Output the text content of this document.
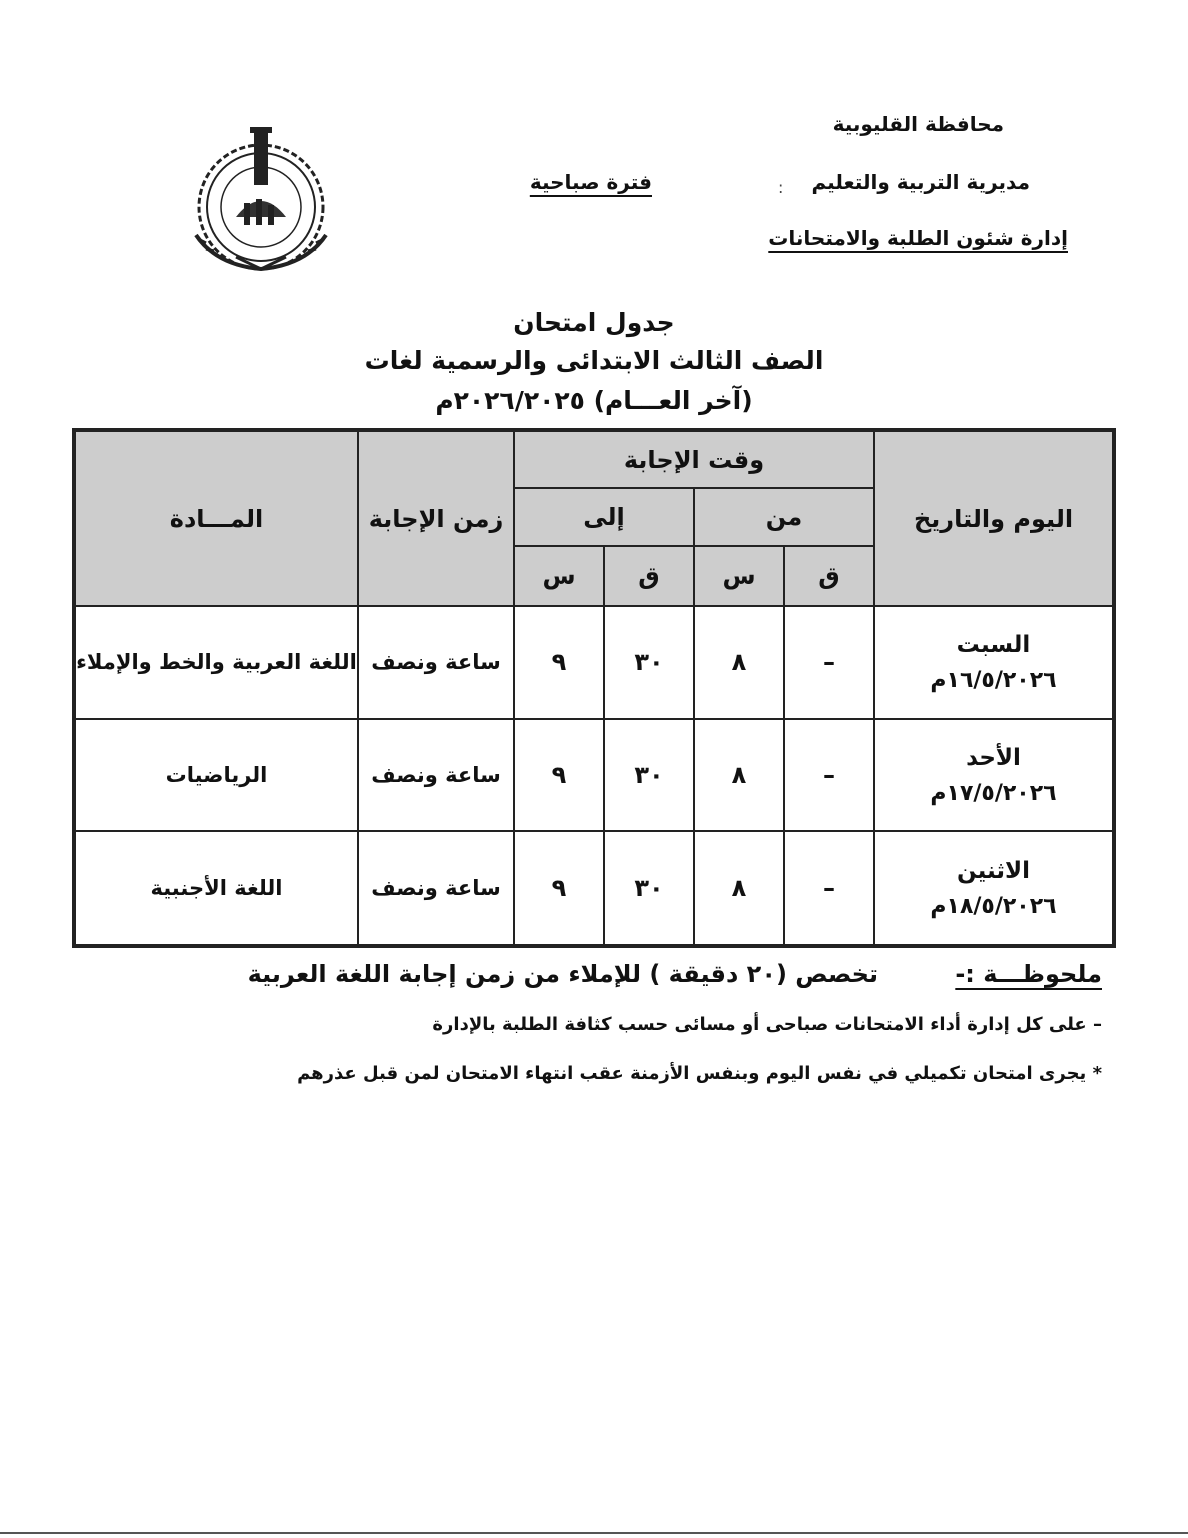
محافظة القليوبية
مديرية التربية والتعليم
:
إدارة شئون الطلبة والامتحانات
فترة صباحية
جدول امتحان
الصف الثالث الابتدائى والرسمية لغات
(آخر العـــام) ٢٠٢٦/٢٠٢٥م
اليوم والتاريخ	وقت الإجابة				زمن الإجابة	المـــادة
	من		إلى			
	ق	س	ق	س		

السبت
١٦/٥/٢٠٢٦م	–	٨	٣٠	٩	ساعة ونصف	اللغة العربية والخط والإملاء

الأحد
١٧/٥/٢٠٢٦م	–	٨	٣٠	٩	ساعة ونصف	الرياضيات

الاثنين
١٨/٥/٢٠٢٦م	–	٨	٣٠	٩	ساعة ونصف	اللغة الأجنبية
ملحوظـــة :-
تخصص (٢٠ دقيقة ) للإملاء من زمن إجابة اللغة العربية
– على كل إدارة أداء الامتحانات صباحى أو مسائى حسب كثافة الطلبة بالإدارة
* يجرى امتحان تكميلي في نفس اليوم وبنفس الأزمنة عقب انتهاء الامتحان لمن قبل عذرهم
